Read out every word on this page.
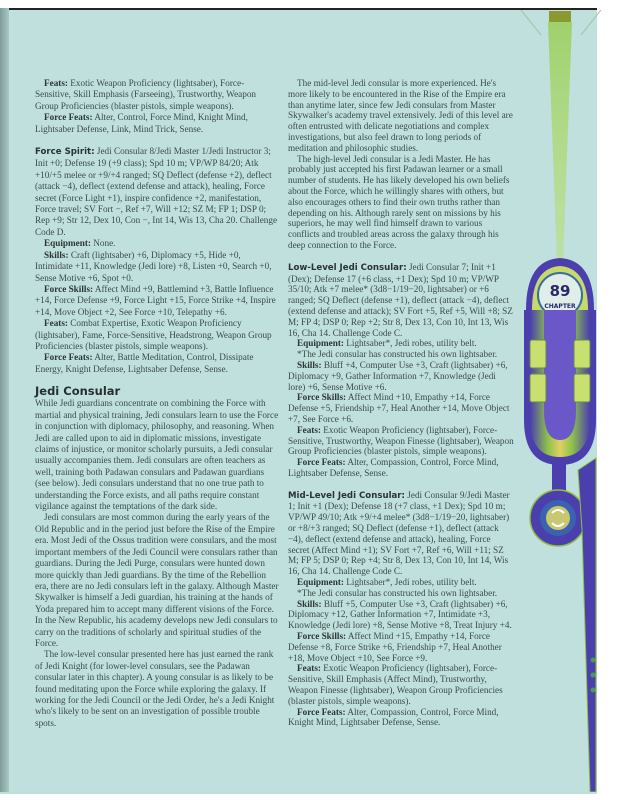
Feats: Exotic Weapon Proficiency (lightsaber), Force-Sensitive, Skill Emphasis (Farseeing), Trustworthy, Weapon Group Proficiencies (blaster pistols, simple weapons).

Force Feats: Alter, Control, Force Mind, Knight Mind, Lightsaber Defense, Link, Mind Trick, Sense.

Force Spirit: Jedi Consular 8/Jedi Master 1/Jedi Instructor 3; Init +0; Defense 19 (+9 class); Spd 10 m; VP/WP 84/20; Atk +10/+5 melee or +9/+4 ranged; SQ Deflect (defense +2), deflect (attack −4), deflect (extend defense and attack), healing, Force secret (Force Light +1), inspire confidence +2, manifestation, Force travel; SV Fort −, Ref +7, Will +12; SZ M; FP 1; DSP 0; Rep +9; Str 12, Dex 10, Con −, Int 14, Wis 13, Cha 20. Challenge Code D.

Equipment: None.

Skills: Craft (lightsaber) +6, Diplomacy +5, Hide +0, Intimidate +11, Knowledge (Jedi lore) +8, Listen +0, Search +0, Sense Motive +6, Spot +0.

Force Skills: Affect Mind +9, Battlemind +3, Battle Influence +14, Force Defense +9, Force Light +15, Force Strike +4, Inspire +14, Move Object +2, See Force +10, Telepathy +6.

Feats: Combat Expertise, Exotic Weapon Proficiency (lightsaber), Fame, Force-Sensitive, Headstrong, Weapon Group Proficiencies (blaster pistols, simple weapons).

Force Feats: Alter, Battle Meditation, Control, Dissipate Energy, Knight Defense, Lightsaber Defense, Sense.

Jedi Consular

While Jedi guardians concentrate on combining the Force with martial and physical training, Jedi consulars learn to use the Force in conjunction with diplomacy, philosophy, and reasoning. When Jedi are called upon to aid in diplomatic missions, investigate claims of injustice, or monitor scholarly pursuits, a Jedi consular usually accompanies them. Jedi consulars are often teachers as well, training both Padawan consulars and Padawan guardians (see below). Jedi consulars understand that no one true path to understanding the Force exists, and all paths require constant vigilance against the temptations of the dark side.

Jedi consulars are most common during the early years of the Old Republic and in the period just before the Rise of the Empire era. Most Jedi of the Ossus tradition were consulars, and the most important members of the Jedi Council were consulars rather than guardians. During the Jedi Purge, consulars were hunted down more quickly than Jedi guardians. By the time of the Rebellion era, there are no Jedi consulars left in the galaxy. Although Master Skywalker is himself a Jedi guardian, his training at the hands of Yoda prepared him to accept many different visions of the Force. In the New Republic, his academy develops new Jedi consulars to carry on the traditions of scholarly and spiritual studies of the Force.

The low-level consular presented here has just earned the rank of Jedi Knight (for lower-level consulars, see the Padawan consular later in this chapter). A young consular is as likely to be found meditating upon the Force while exploring the galaxy. If working for the Jedi Council or the Jedi Order, he's a Jedi Knight who's likely to be sent on an investigation of possible trouble spots.

The mid-level Jedi consular is more experienced. He's more likely to be encountered in the Rise of the Empire era than anytime later, since few Jedi consulars from Master Skywalker's academy travel extensively. Jedi of this level are often entrusted with delicate negotiations and complex investigations, but also feel drawn to long periods of meditation and philosophic studies.

The high-level Jedi consular is a Jedi Master. He has probably just accepted his first Padawan learner or a small number of students. He has likely developed his own beliefs about the Force, which he willingly shares with others, but also encourages others to find their own truths rather than depending on his. Although rarely sent on missions by his superiors, he may well find himself drawn to various conflicts and troubled areas across the galaxy through his deep connection to the Force.

Low-Level Jedi Consular: Jedi Consular 7; Init +1 (Dex); Defense 17 (+6 class, +1 Dex); Spd 10 m; VP/WP 35/10; Atk +7 melee* (3d8−1/19−20, lightsaber) or +6 ranged; SQ Deflect (defense +1), deflect (attack −4), deflect (extend defense and attack); SV Fort +5, Ref +5, Will +8; SZ M; FP 4; DSP 0; Rep +2; Str 8, Dex 13, Con 10, Int 13, Wis 16, Cha 14. Challenge Code C.

Equipment: Lightsaber*, Jedi robes, utility belt.

*The Jedi consular has constructed his own lightsaber.

Skills: Bluff +4, Computer Use +3, Craft (lightsaber) +6, Diplomacy +9, Gather Information +7, Knowledge (Jedi lore) +6, Sense Motive +6.

Force Skills: Affect Mind +10, Empathy +14, Force Defense +5, Friendship +7, Heal Another +14, Move Object +7, See Force +6.

Feats: Exotic Weapon Proficiency (lightsaber), Force-Sensitive, Trustworthy, Weapon Finesse (lightsaber), Weapon Group Proficiencies (blaster pistols, simple weapons).

Force Feats: Alter, Compassion, Control, Force Mind, Lightsaber Defense, Sense.

Mid-Level Jedi Consular: Jedi Consular 9/Jedi Master 1; Init +1 (Dex); Defense 18 (+7 class, +1 Dex); Spd 10 m; VP/WP 49/10; Atk +9/+4 melee* (3d8−1/19−20, lightsaber) or +8/+3 ranged; SQ Deflect (defense +1), deflect (attack −4), deflect (extend defense and attack), healing, Force secret (Affect Mind +1); SV Fort +7, Ref +6, Will +11; SZ M; FP 5; DSP 0; Rep +4; Str 8, Dex 13, Con 10, Int 14, Wis 16, Cha 14. Challenge Code C.

Equipment: Lightsaber*, Jedi robes, utility belt.

*The Jedi consular has constructed his own lightsaber.

Skills: Bluff +5, Computer Use +3, Craft (lightsaber) +6, Diplomacy +12, Gather Information +7, Intimidate +3, Knowledge (Jedi lore) +8, Sense Motive +8, Treat Injury +4.

Force Skills: Affect Mind +15, Empathy +14, Force Defense +8, Force Strike +6, Friendship +7, Heal Another +18, Move Object +10, See Force +9.

Feats: Exotic Weapon Proficiency (lightsaber), Force-Sensitive, Skill Emphasis (Affect Mind), Trustworthy, Weapon Finesse (lightsaber), Weapon Group Proficiencies (blaster pistols, simple weapons).

Force Feats: Alter, Compassion, Control, Force Mind, Knight Mind, Lightsaber Defense, Sense.

89
CHAPTER
